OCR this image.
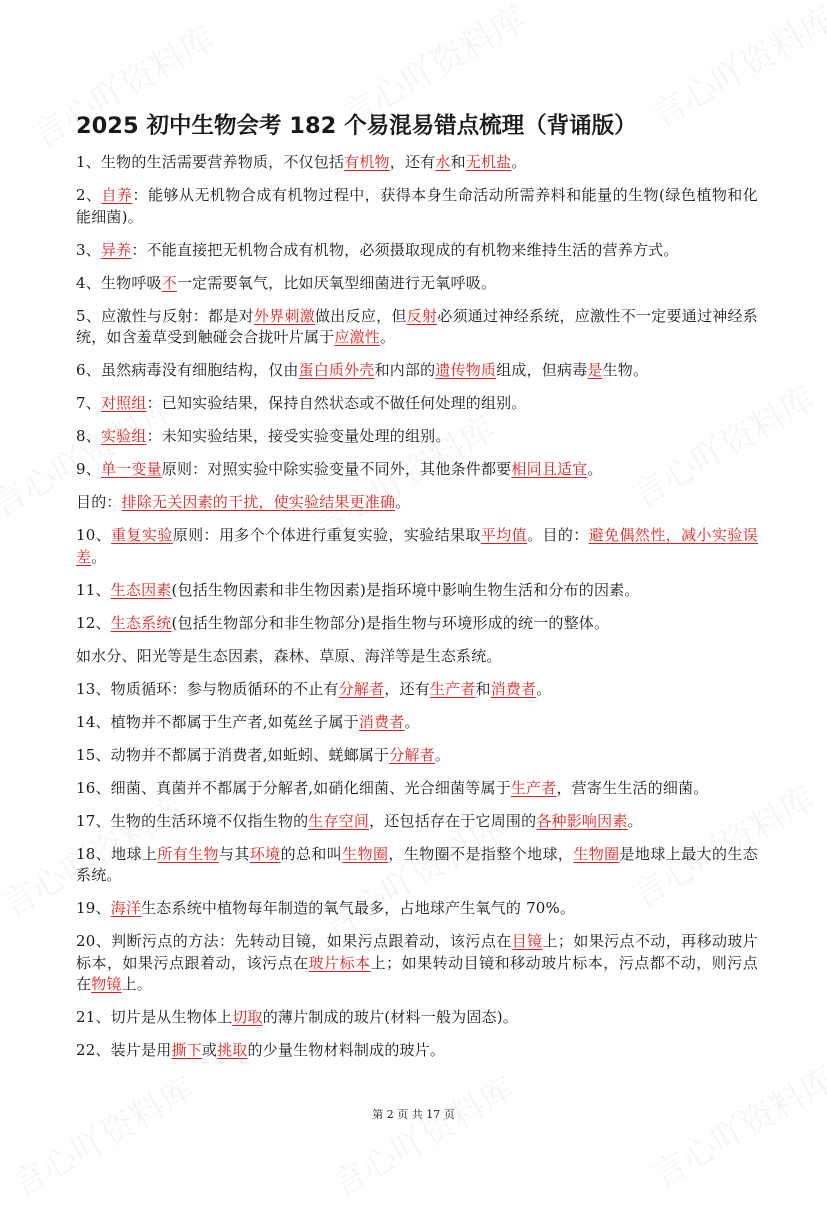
2025 初中生物会考 182 个易混易错点梳理（背诵版）

1、生物的生活需要营养物质，不仅包括有机物，还有水和无机盐。

2、自养：能够从无机物合成有机物过程中，获得本身生命活动所需养料和能量的生物(绿色植物和化能细菌)。

3、异养：不能直接把无机物合成有机物，必须摄取现成的有机物来维持生活的营养方式。

4、生物呼吸不一定需要氧气，比如厌氧型细菌进行无氧呼吸。

5、应激性与反射：都是对外界刺激做出反应，但反射必须通过神经系统，应激性不一定要通过神经系统，如含羞草受到触碰会合拢叶片属于应激性。

6、虽然病毒没有细胞结构，仅由蛋白质外壳和内部的遗传物质组成，但病毒是生物。

7、对照组：已知实验结果，保持自然状态或不做任何处理的组别。

8、实验组：未知实验结果，接受实验变量处理的组别。

9、单一变量原则：对照实验中除实验变量不同外，其他条件都要相同且适宜。

目的：排除无关因素的干扰，使实验结果更准确。

10、重复实验原则：用多个个体进行重复实验，实验结果取平均值。目的：避免偶然性，减小实验误差。

11、生态因素(包括生物因素和非生物因素)是指环境中影响生物生活和分布的因素。

12、生态系统(包括生物部分和非生物部分)是指生物与环境形成的统一的整体。

如水分、阳光等是生态因素，森林、草原、海洋等是生态系统。

13、物质循环：参与物质循环的不止有分解者，还有生产者和消费者。

14、植物并不都属于生产者,如菟丝子属于消费者。

15、动物并不都属于消费者,如蚯蚓、蜣螂属于分解者。

16、细菌、真菌并不都属于分解者,如硝化细菌、光合细菌等属于生产者，营寄生生活的细菌。

17、生物的生活环境不仅指生物的生存空间，还包括存在于它周围的各种影响因素。

18、地球上所有生物与其环境的总和叫生物圈，生物圈不是指整个地球，生物圈是地球上最大的生态系统。

19、海洋生态系统中植物每年制造的氧气最多，占地球产生氧气的 70%。

20、判断污点的方法：先转动目镜，如果污点跟着动，该污点在目镜上；如果污点不动，再移动玻片标本，如果污点跟着动，该污点在玻片标本上；如果转动目镜和移动玻片标本，污点都不动，则污点在物镜上。

21、切片是从生物体上切取的薄片制成的玻片(材料一般为固态)。

22、装片是用撕下或挑取的少量生物材料制成的玻片。

第 2 页 共 17 页
